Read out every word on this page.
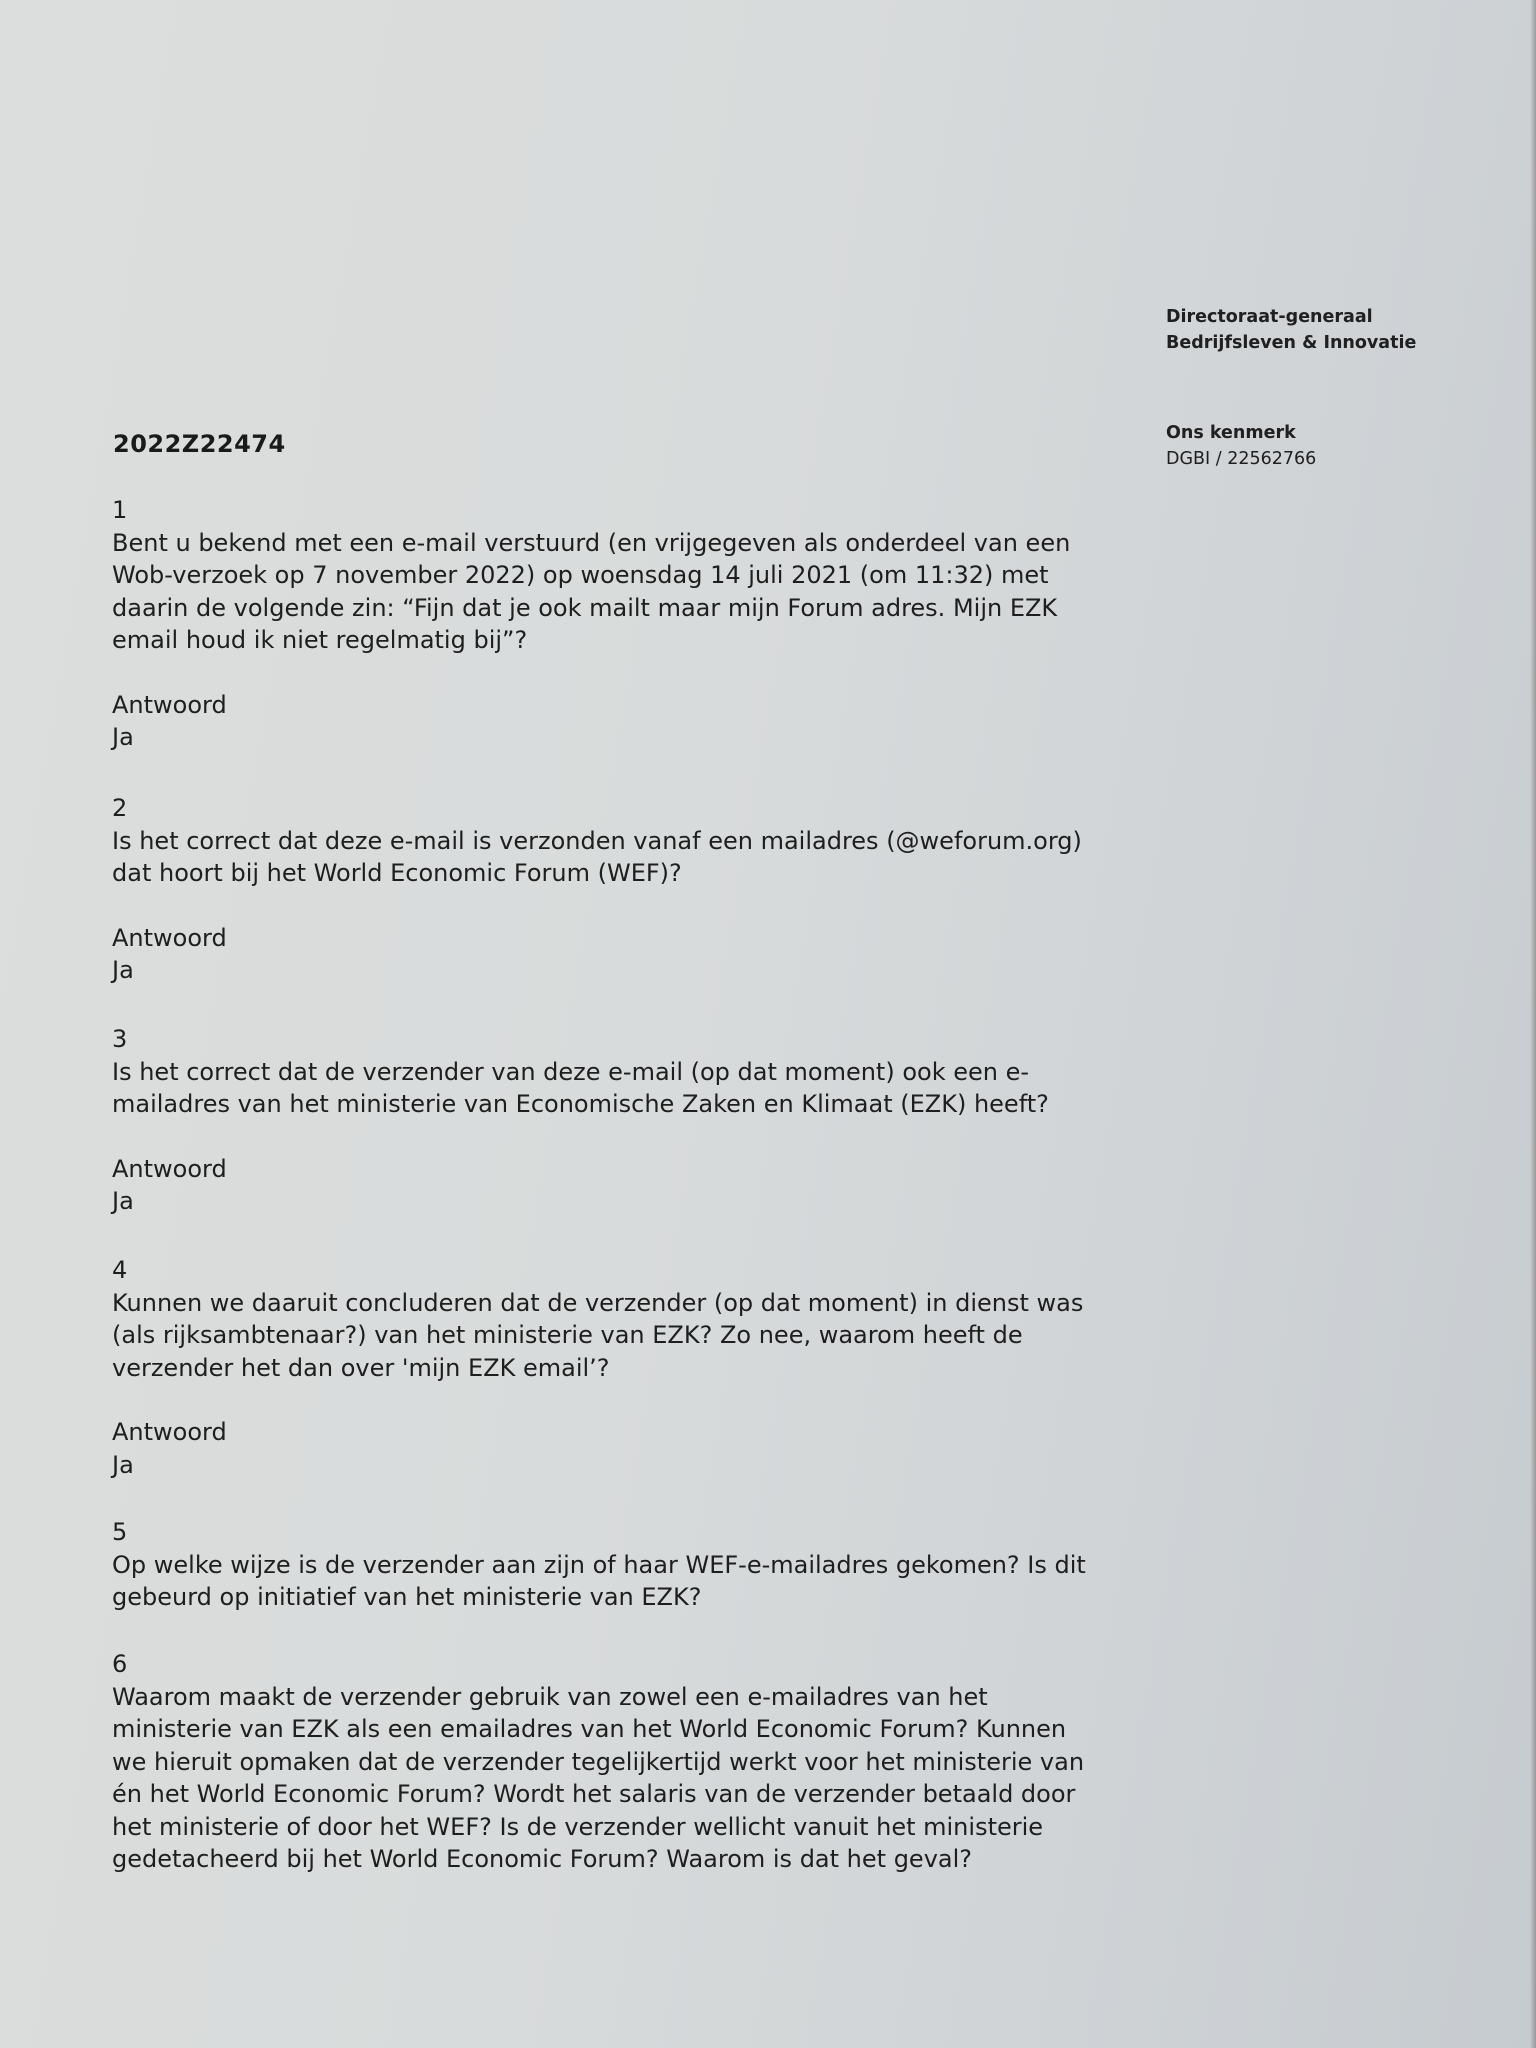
Directoraat-generaal
Bedrijfsleven & Innovatie
Ons kenmerk
DGBI / 22562766
2022Z22474
1
Bent u bekend met een e-mail verstuurd (en vrijgegeven als onderdeel van een
Wob-verzoek op 7 november 2022) op woensdag 14 juli 2021 (om 11:32) met
daarin de volgende zin: “Fijn dat je ook mailt maar mijn Forum adres. Mijn EZK
email houd ik niet regelmatig bij”?
Antwoord
Ja
2
Is het correct dat deze e-mail is verzonden vanaf een mailadres (@weforum.org)
dat hoort bij het World Economic Forum (WEF)?
Antwoord
Ja
3
Is het correct dat de verzender van deze e-mail (op dat moment) ook een e-
mailadres van het ministerie van Economische Zaken en Klimaat (EZK) heeft?
Antwoord
Ja
4
Kunnen we daaruit concluderen dat de verzender (op dat moment) in dienst was
(als rijksambtenaar?) van het ministerie van EZK? Zo nee, waarom heeft de
verzender het dan over 'mijn EZK email’?
Antwoord
Ja
5
Op welke wijze is de verzender aan zijn of haar WEF-e-mailadres gekomen? Is dit
gebeurd op initiatief van het ministerie van EZK?
6
Waarom maakt de verzender gebruik van zowel een e-mailadres van het
ministerie van EZK als een emailadres van het World Economic Forum? Kunnen
we hieruit opmaken dat de verzender tegelijkertijd werkt voor het ministerie van
én het World Economic Forum? Wordt het salaris van de verzender betaald door
het ministerie of door het WEF? Is de verzender wellicht vanuit het ministerie
gedetacheerd bij het World Economic Forum? Waarom is dat het geval?
